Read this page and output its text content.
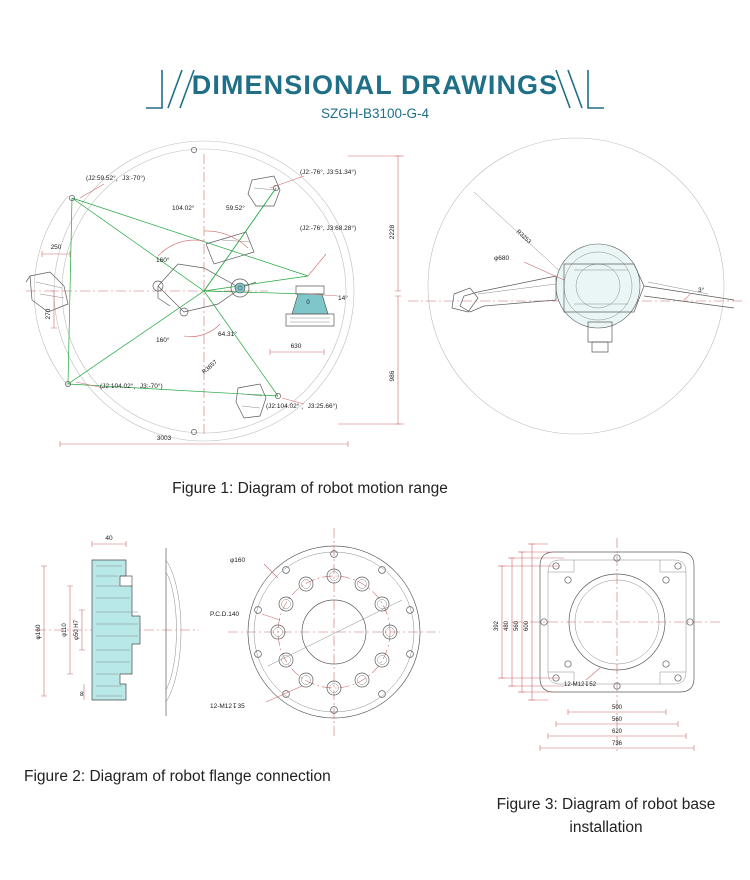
DIMENSIONAL DRAWINGS
SZGH-B3100-G-4
0
(J2:59.52°，J3:-70°)
104.02°	59.52°
(J2:-76°, J3:51.34°)
(J2:-76°, J3:68.28°)
160°
160°
64.31°
R3857
(J2:104.02°，J3:-70°)
(J2:104.02° ，J3:25.66°)
14°
250
270
630
3003
2228
986
R3253
φ680
3°
Figure 1: Diagram of robot motion range
40
φ160	φ50 H7
φ110
8
φ160
P.C.D.140
12-M12↧35
Figure 2: Diagram of robot flange connection
392 480 560 600
500
560
620
736
12-M12↧52
Figure 3: Diagram of robot base installation
